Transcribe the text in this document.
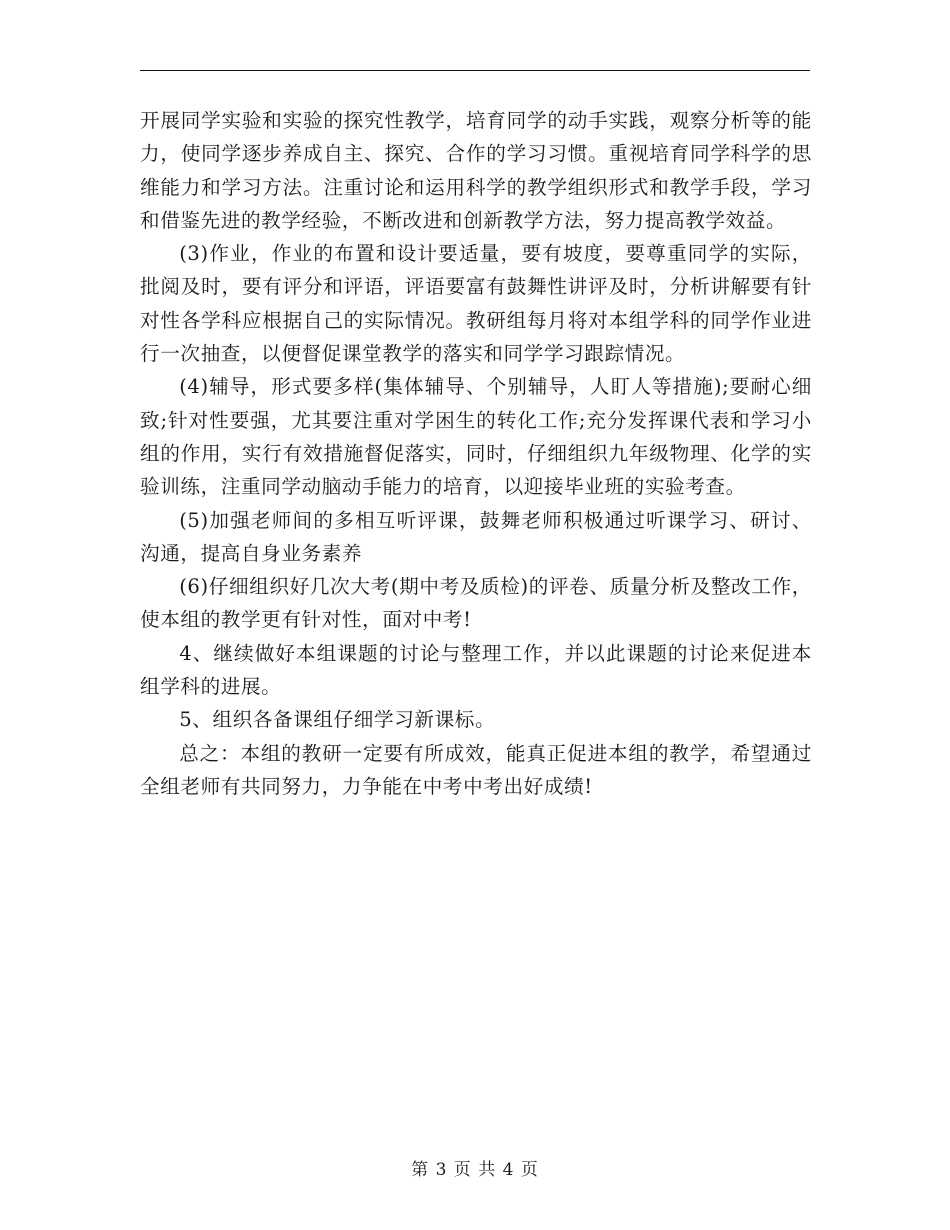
开展同学实验和实验的探究性教学，培育同学的动手实践，观察分析等的能力，使同学逐步养成自主、探究、合作的学习习惯。重视培育同学科学的思维能力和学习方法。注重讨论和运用科学的教学组织形式和教学手段，学习和借鉴先进的教学经验，不断改进和创新教学方法，努力提高教学效益。

(3)作业，作业的布置和设计要适量，要有坡度，要尊重同学的实际，批阅及时，要有评分和评语，评语要富有鼓舞性讲评及时，分析讲解要有针对性各学科应根据自己的实际情况。教研组每月将对本组学科的同学作业进行一次抽查，以便督促课堂教学的落实和同学学习跟踪情况。

(4)辅导，形式要多样(集体辅导、个别辅导，人盯人等措施);要耐心细致;针对性要强，尤其要注重对学困生的转化工作;充分发挥课代表和学习小组的作用，实行有效措施督促落实，同时，仔细组织九年级物理、化学的实验训练，注重同学动脑动手能力的培育，以迎接毕业班的实验考查。

(5)加强老师间的多相互听评课，鼓舞老师积极通过听课学习、研讨、沟通，提高自身业务素养

(6)仔细组织好几次大考(期中考及质检)的评卷、质量分析及整改工作，使本组的教学更有针对性，面对中考!

4、继续做好本组课题的讨论与整理工作，并以此课题的讨论来促进本组学科的进展。

5、组织各备课组仔细学习新课标。

总之：本组的教研一定要有所成效，能真正促进本组的教学，希望通过全组老师有共同努力，力争能在中考中考出好成绩!

第 3 页 共 4 页
